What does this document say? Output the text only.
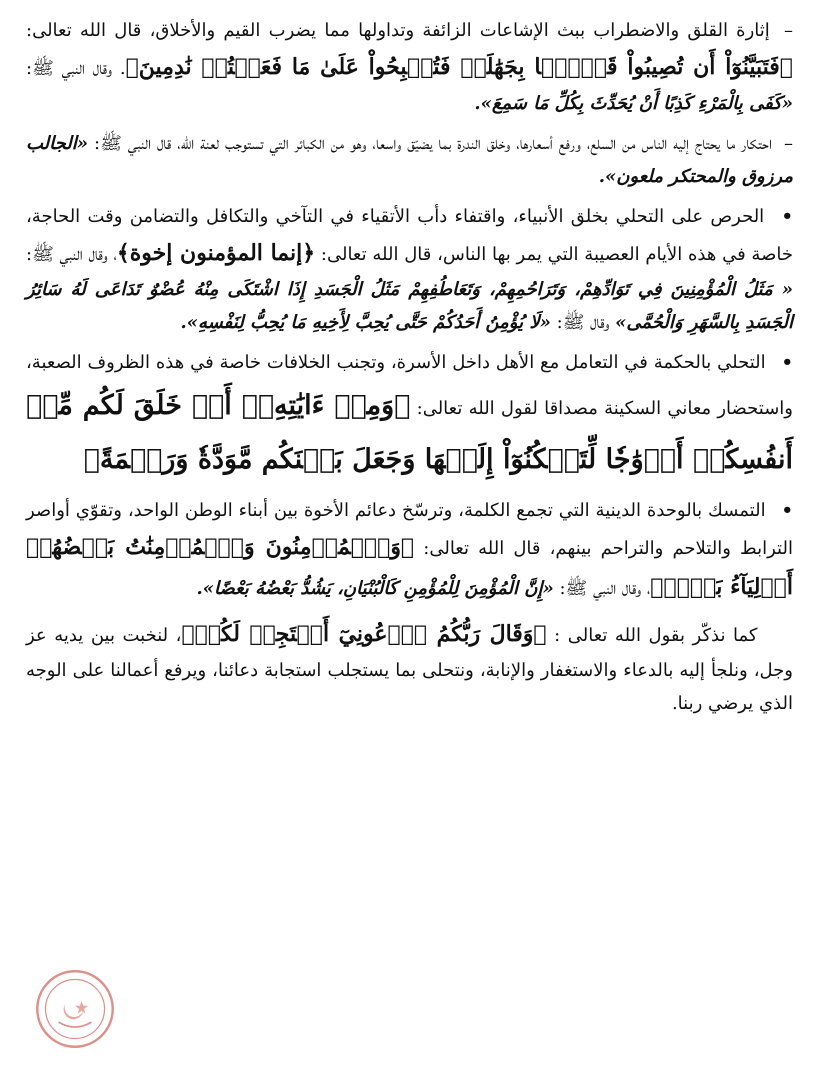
– إثارة القلق والاضطراب ببث الإشاعات الزائفة وتداولها مما يضرب القيم والأخلاق، قال الله تعالى: ﴿فَتَبَيَّنُوٓاْ أَن تُصِيبُواْ قَوۡمَۢا بِجَهَٰلَةٖ فَتُصۡبِحُواْ عَلَىٰ مَا فَعَلۡتُمۡ نَٰدِمِينَ﴾. وقال النبي ﷺ: «كَفَى بِالْمَرْءِ كَذِبًا أَنْ يُحَدِّثَ بِكُلِّ مَا سَمِعَ».

– احتكار ما يحتاج إليه الناس من السلع، ورفع أسعارها، وخلق الندرة بما يضيّق واسعا، وهو من الكبائر التي تستوجب لعنة الله، قال النبي ﷺ: «الجالب مرزوق والمحتكر ملعون».

• الحرص على التحلي بخلق الأنبياء، واقتفاء دأب الأتقياء في التآخي والتكافل والتضامن وقت الحاجة، خاصة في هذه الأيام العصيبة التي يمر بها الناس، قال الله تعالى: ﴿إنما المؤمنون إخوة﴾، وقال النبي ﷺ: « مَثَلُ الْمُؤْمِنِينَ فِي تَوَادِّهِمْ، وَتَرَاحُمِهِمْ، وَتَعَاطُفِهِمْ مَثَلُ الْجَسَدِ إِذَا اشْتَكَى مِنْهُ عُضْوٌ تَدَاعَى لَهُ سَائِرُ الْجَسَدِ بِالسَّهَرِ وَالْحُمَّى» وقال ﷺ: «لَا يُؤْمِنُ أَحَدُكُمْ حَتَّى يُحِبَّ لِأَخِيهِ مَا يُحِبُّ لِنَفْسِهِ».

• التحلي بالحكمة في التعامل مع الأهل داخل الأسرة، وتجنب الخلافات خاصة في هذه الظروف الصعبة، واستحضار معاني السكينة مصداقا لقول الله تعالى: ﴿وَمِنۡ ءَايَٰتِهِۦٓ أَنۡ خَلَقَ لَكُم مِّنۡ أَنفُسِكُمۡ أَزۡوَٰجٗا لِّتَسۡكُنُوٓاْ إِلَيۡهَا وَجَعَلَ بَيۡنَكُم مَّوَدَّةٗ وَرَحۡمَةً﴾

• التمسك بالوحدة الدينية التي تجمع الكلمة، وترسّخ دعائم الأخوة بين أبناء الوطن الواحد، وتقوّي أواصر الترابط والتلاحم والتراحم بينهم، قال الله تعالى: ﴿وَٱلۡمُؤۡمِنُونَ وَٱلۡمُؤۡمِنَٰتُ بَعۡضُهُمۡ أَوۡلِيَآءُ بَعۡضٖ﴾، وقال النبي ﷺ: «إِنَّ الْمُؤْمِنَ لِلْمُؤْمِنِ كَالْبُنْيَانِ، يَشُدُّ بَعْضُهُ بَعْضًا».

كما نذكّر بقول الله تعالى : ﴿وَقَالَ رَبُّكُمُ ٱدۡعُونِيٓ أَسۡتَجِبۡ لَكُمۡ﴾، لنخبت بين يديه عز وجل، ونلجأ إليه بالدعاء والاستغفار والإنابة، ونتحلى بما يستجلب استجابة دعائنا، ويرفع أعمالنا على الوجه الذي يرضي ربنا.
